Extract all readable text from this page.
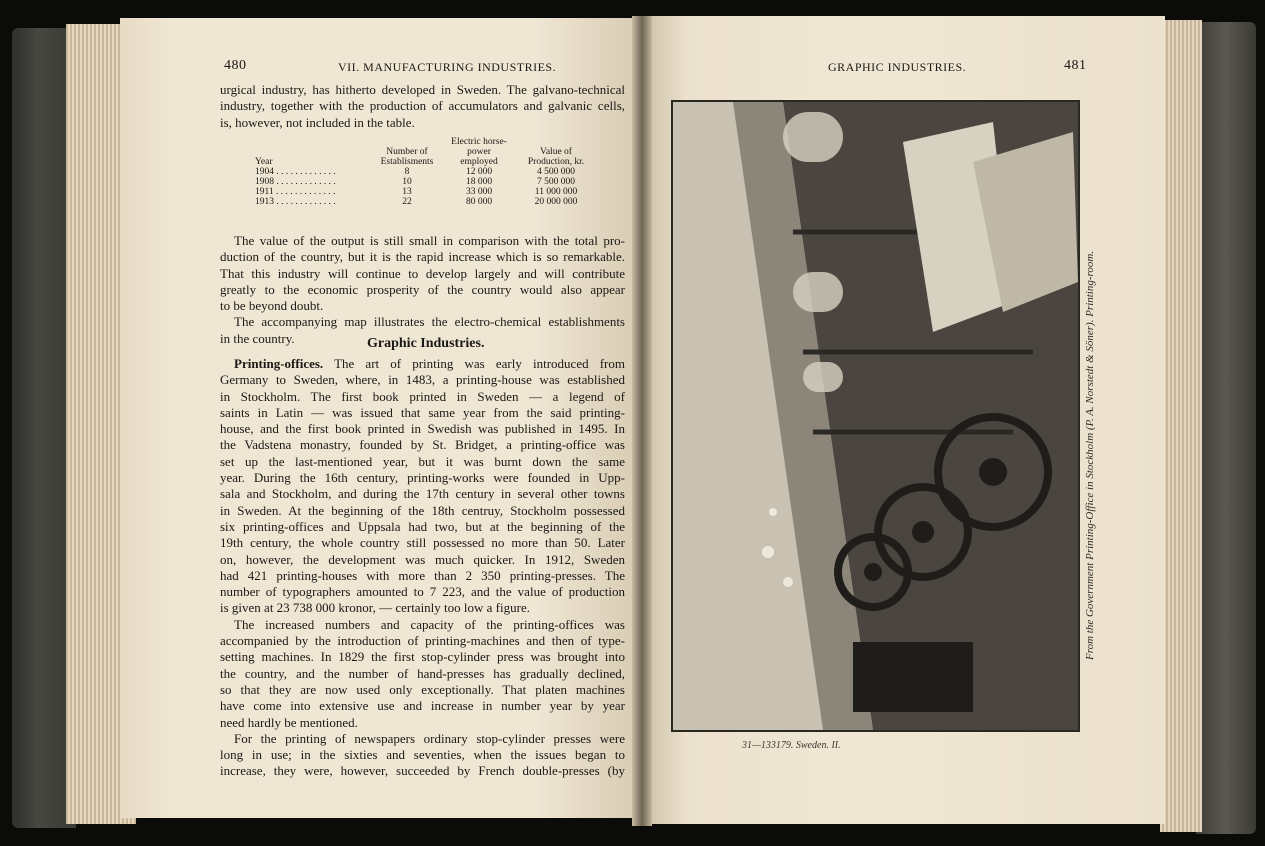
480	VII. MANUFACTURING INDUSTRIES.

urgical industry, has hitherto developed in Sweden. The galvano-technical

industry, together with the production of accumulators and galvanic cells,

is, however, not included in the table.

Year	Number of Establisments	Electric horse-power employed	Value of Production, kr.
1904 . . . . . . . . . . . . .	8	12 000	4 500 000
1908 . . . . . . . . . . . . .	10	18 000	7 500 000
1911 . . . . . . . . . . . . .	13	33 000	11 000 000
1913 . . . . . . . . . . . . .	22	80 000	20 000 000

The value of the output is still small in comparison with the total pro-

duction of the country, but it is the rapid increase which is so remarkable.

That this industry will continue to develop largely and will contribute

greatly to the economic prosperity of the country would also appear

to be beyond doubt.

The accompanying map illustrates the electro-chemical establishments

in the country.	Graphic Industries.

Printing-offices. The art of printing was early introduced from

Germany to Sweden, where, in 1483, a printing-house was established

in Stockholm. The first book printed in Sweden — a legend of

saints in Latin — was issued that same year from the said printing-

house, and the first book printed in Swedish was published in 1495. In

the Vadstena monastry, founded by St. Bridget, a printing-office was

set up the last-mentioned year, but it was burnt down the same

year. During the 16th century, printing-works were founded in Upp-

sala and Stockholm, and during the 17th century in several other towns

in Sweden. At the beginning of the 18th centruy, Stockholm possessed

six printing-offices and Uppsala had two, but at the beginning of the

19th century, the whole country still possessed no more than 50. Later

on, however, the development was much quicker. In 1912, Sweden

had 421 printing-houses with more than 2 350 printing-presses. The

number of typographers amounted to 7 223, and the value of production

is given at 23 738 000 kronor, — certainly too low a figure.

The increased numbers and capacity of the printing-offices was

accompanied by the introduction of printing-machines and then of type-

setting machines. In 1829 the first stop-cylinder press was brought into

the country, and the number of hand-presses has gradually declined,

so that they are now used only exceptionally. That platen machines

have come into extensive use and increase in number year by year

need hardly be mentioned.

For the printing of newspapers ordinary stop-cylinder presses were

long in use; in the sixties and seventies, when the issues began to

increase, they were, however, succeeded by French double-presses (by

GRAPHIC INDUSTRIES.	481
From the Government Printing-Office in Stockholm (P. A. Norstedt & Söner). Printing-room.
31—133179. Sweden. II.
